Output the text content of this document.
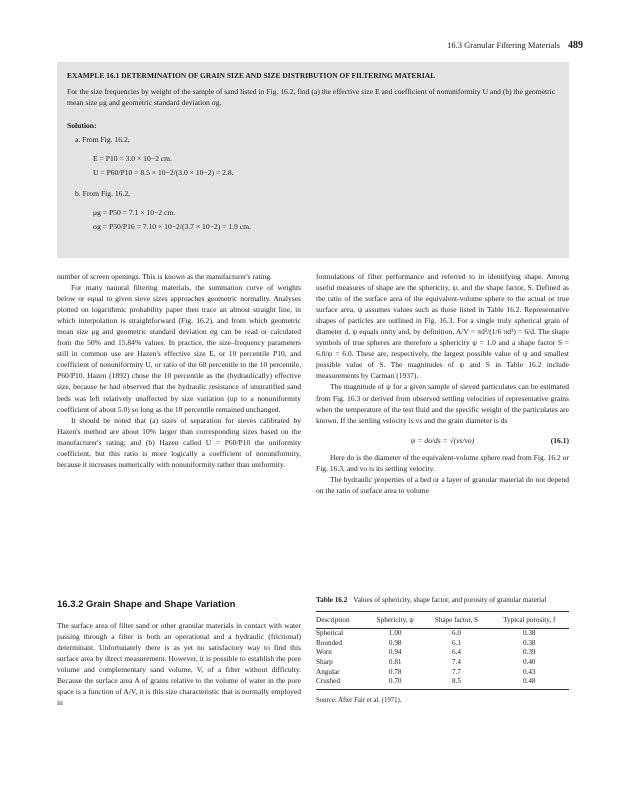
16.3 Granular Filtering Materials 489
EXAMPLE 16.1 DETERMINATION OF GRAIN SIZE AND SIZE DISTRIBUTION OF FILTERING MATERIAL
For the size frequencies by weight of the sample of sand listed in Fig. 16.2, find (a) the effective size E and coefficient of nonuniformity U and (b) the geometric mean size μg and geometric standard deviation σg.
Solution:
a. From Fig. 16.2,
E = P10 = 3.0 × 10−2 cm.
U = P60/P10 = 8.5 × 10−2/(3.0 × 10−2) = 2.8.
b. From Fig. 16.2,
μg = P50 = 7.1 × 10−2 cm.
σg = P50/P16 = 7.10 × 10−2/(3.7 × 10−2) = 1.9 cm.

number of screen openings. This is known as the manufacturer's rating.

For many nanural filtering materials, the summation curve of weights below or equal to given sieve sizes approaches geometric normality. Analyses plotted on logarithmic probability paper then trace an almost straight line, in which interpolation is straightforward (Fig. 16.2), and from which geometric mean size μg and geometric standard deviation σg can be read or calculated from the 50% and 15.84% values. In practice, the size–frequency parameters still in common use are Hazen's effective size E, or 10 percentile P10, and coefficient of nonuniformity U, or ratio of the 60 percentile to the 10 percentile, P60/P10. Hazen (1892) chose the 10 percentile as the (hydraulically) effective size, because he had observed that the hydraulic resistance of unstratified sand beds was left relatively unaffected by size variation (up to a nonuniformity coefficient of about 5.0) so long as the 10 percentile remained unchanged.

It should be noted that (a) sizes of separation for sieves calibrated by Hazen's method are about 10% larger than corresponding sizes based on the manufacturer's rating; and (b) Hazen called U = P60/P10 the uniformity coefficient, but this ratio is more logically a coefficient of nonuniformity, because it increases numerically with nonuniformity rather than uniformity.

16.3.2 Grain Shape and Shape Variation

The surface area of filter sand or other granular materials in contact with water passing through a filter is both an operational and a hydraulic (frictional) determinant. Unfortunately there is as yet no satisfactory way to find this surface area by direct measurement. However, it is possible to establish the pore volume and complementary sand volume, V, of a filter without difficulty. Because the surface area A of grains relative to the volume of water in the pore space is a function of A/V, it is this size characteristic that is normally employed in

formulations of filter performance and referred to in identifying shape. Among useful measures of shape are the sphericity, ψ, and the shape factor, S. Defined as the ratio of the surface area of the equivalent-volume sphere to the actual or true surface area, ψ assumes values such as those listed in Table 16.2. Representative shapes of particles are outlined in Fig. 16.3. For a single truly spherical grain of diameter d, ψ equals unity and, by definition, A/V = πd²/(1/6 πd³) = 6/d. The shape symbols of true spheres are therefore a sphericity ψ = 1.0 and a shape factor S = 6.0/ψ = 6.0. These are, respectively, the largest possible value of ψ and smallest possible value of S. The magnitudes of ψ and S in Table 16.2 include measurements by Carman (1937).

The magnitude of ψ for a given sample of sieved particulates can be estimated from Fig. 16.3 or derived from observed settling velocities of representative grains when the temperature of the test fluid and the specific weight of the particulates are known. If the settling velocity is vs and the grain diameter is ds

ψ = do/ds = √(vs/vo)	(16.1)

Here do is the diameter of the equivalent-volume sphere read from Fig. 16.2 or Fig. 16.3, and vo is its settling velocity.

The hydraulic properties of a bed or a layer of granular material do not depend on the ratio of surface area to volume

Table 16.2 Values of sphericity, shape factor, and porosity of granular material
Description	Sphericity, ψ	Shape factor, S	Typical porosity, f
Spherical	1.00	6.0	0.38
Rounded	0.98	6.1	0.38
Worn	0.94	6.4	0.39
Sharp	0.81	7.4	0.40
Angular	0.78	7.7	0.43
Crushed	0.70	8.5	0.48
Source: After Fair et al. (1971).
